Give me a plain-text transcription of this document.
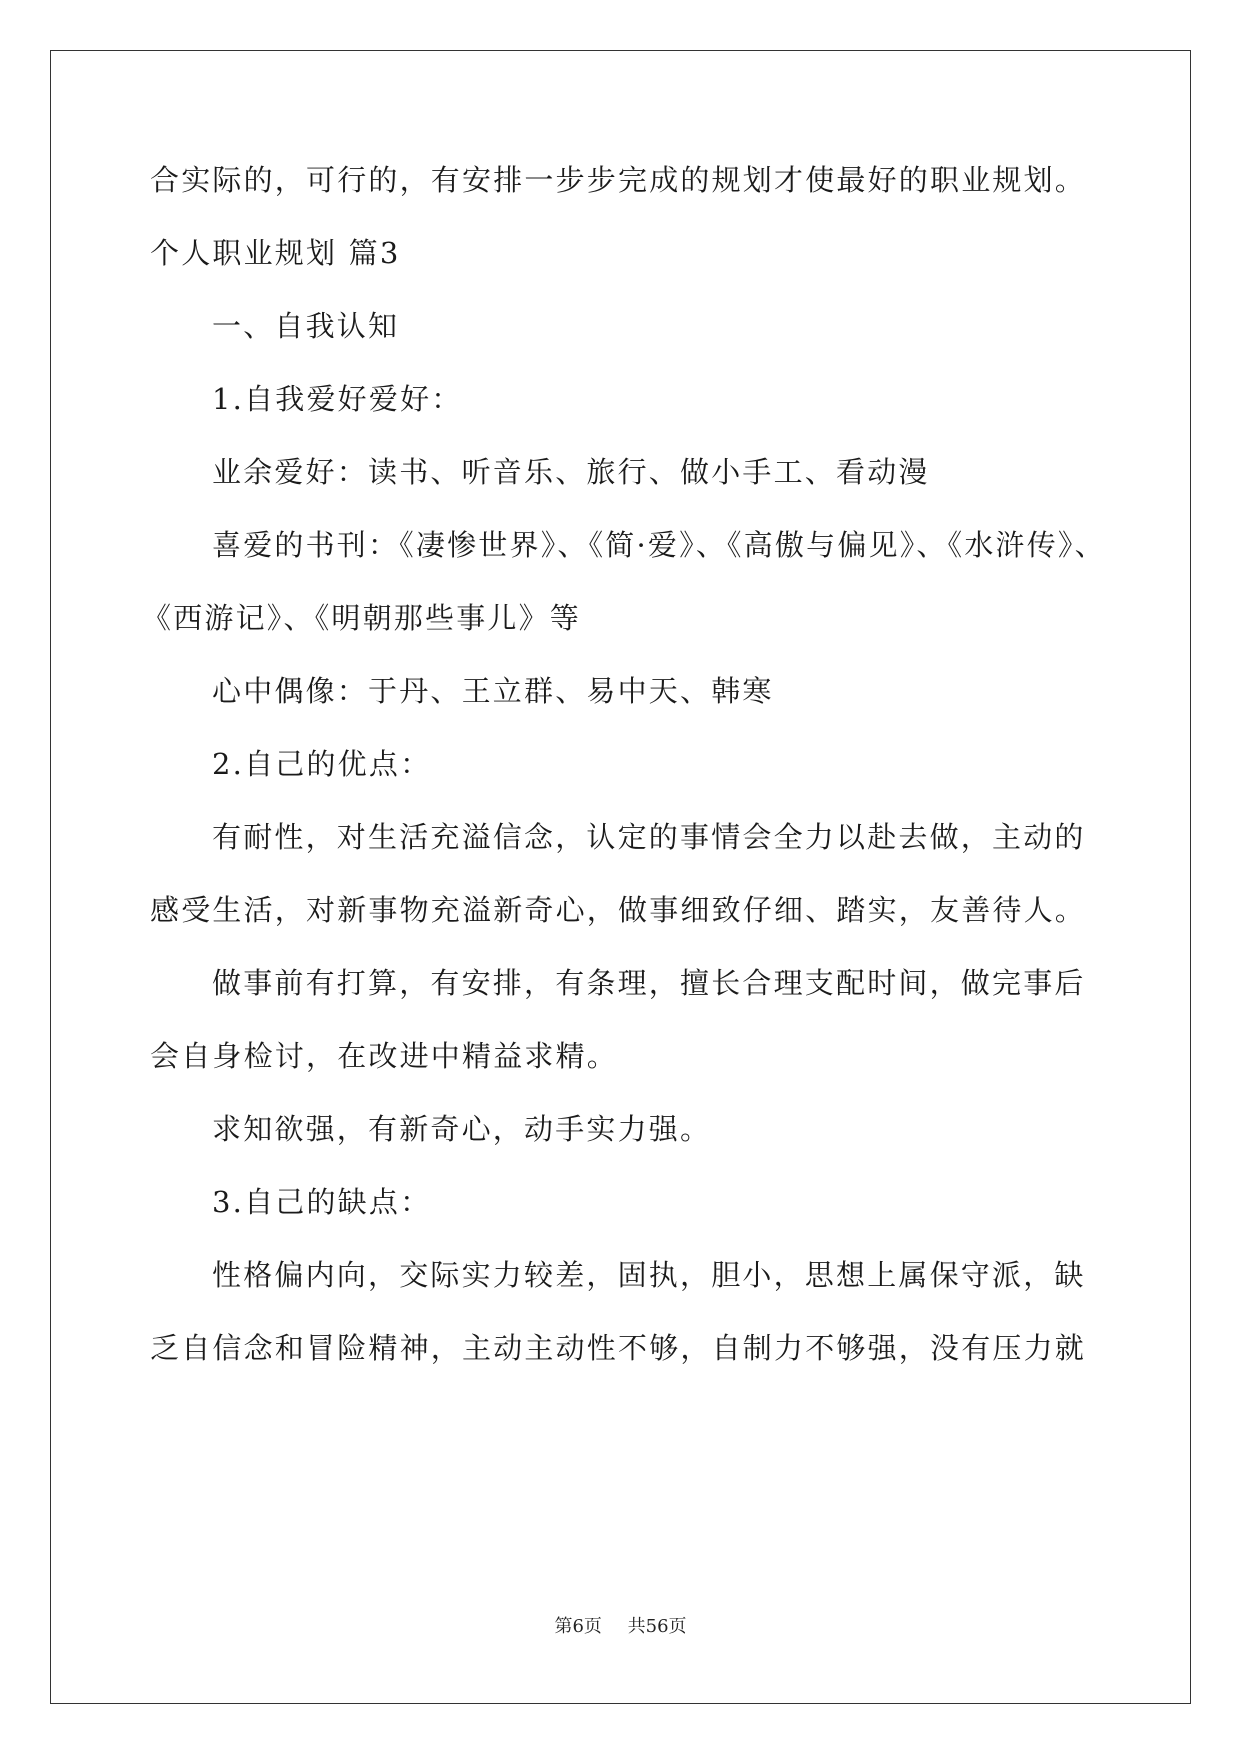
合实际的，可行的，有安排一步步完成的规划才使最好的职业规划。
个人职业规划 篇3
一、自我认知
1.自我爱好爱好：
业余爱好：读书、听音乐、旅行、做小手工、看动漫
喜爱的书刊：《凄惨世界》、《简·爱》、《高傲与偏见》、《水浒传》、
《西游记》、《明朝那些事儿》等
心中偶像：于丹、王立群、易中天、韩寒
2.自己的优点：
有耐性，对生活充溢信念，认定的事情会全力以赴去做，主动的
感受生活，对新事物充溢新奇心，做事细致仔细、踏实，友善待人。
做事前有打算，有安排，有条理，擅长合理支配时间，做完事后
会自身检讨，在改进中精益求精。
求知欲强，有新奇心，动手实力强。
3.自己的缺点：
性格偏内向，交际实力较差，固执，胆小，思想上属保守派，缺
乏自信念和冒险精神，主动主动性不够，自制力不够强，没有压力就
第6页 共56页
